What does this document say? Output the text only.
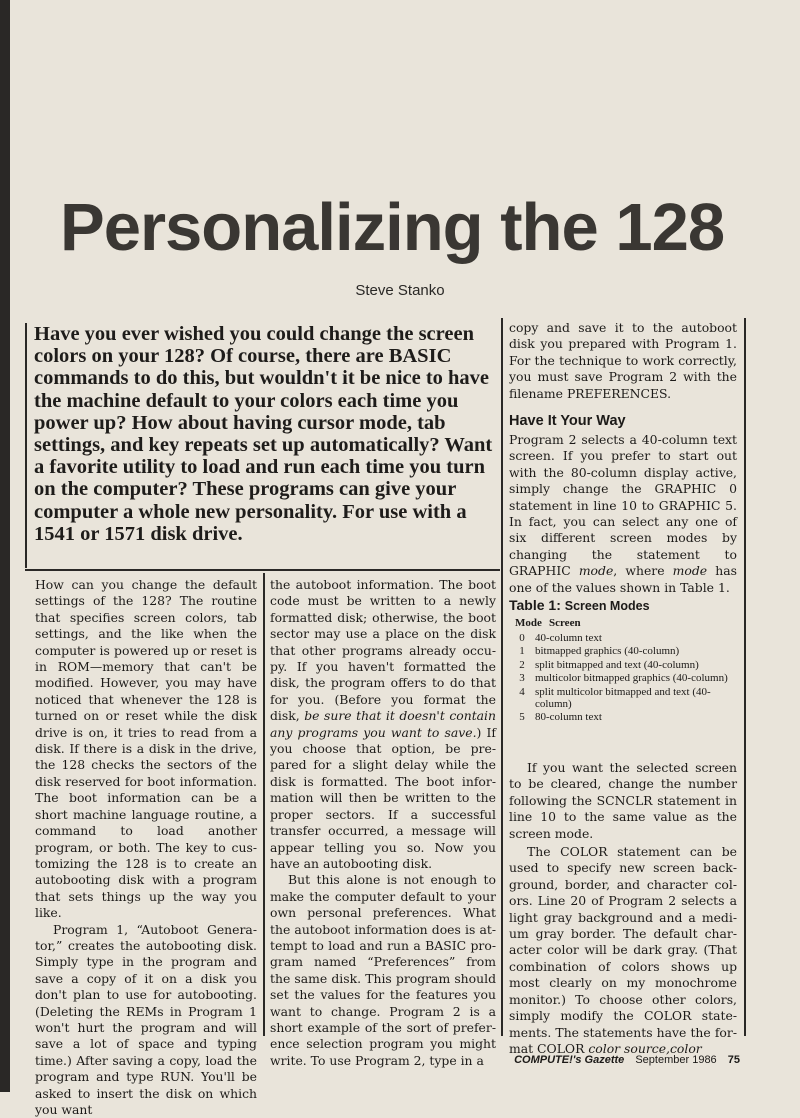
Personalizing the 128

Steve Stanko

Have you ever wished you could change the screen colors on your 128? Of course, there are BASIC commands to do this, but wouldn't it be nice to have the machine default to your colors each time you power up? How about having cursor mode, tab settings, and key repeats set up automatically? Want a favorite utility to load and run each time you turn on the computer? These programs can give your computer a whole new personality. For use with a 1541 or 1571 disk drive.

How can you change the default settings of the 128? The routine that specifies screen colors, tab settings, and the like when the computer is powered up or reset is in ROM—memory that can't be modified. However, you may have noticed that whenever the 128 is turned on or reset while the disk drive is on, it tries to read from a disk. If there is a disk in the drive, the 128 checks the sectors of the disk reserved for boot information. The boot information can be a short machine language routine, a command to load another program, or both. The key to customizing the 128 is to create an autobooting disk with a program that sets things up the way you like.

Program 1, “Autoboot Generator,” creates the autobooting disk. Simply type in the program and save a copy of it on a disk you don't plan to use for autobooting. (Deleting the REMs in Program 1 won't hurt the program and will save a lot of space and typing time.) After saving a copy, load the program and type RUN. You'll be asked to insert the disk on which you want

the autoboot information. The boot code must be written to a newly formatted disk; otherwise, the boot sector may use a place on the disk that other programs already occupy. If you haven't formatted the disk, the program offers to do that for you. (Before you format the disk, be sure that it doesn't contain any programs you want to save.) If you choose that option, be prepared for a slight delay while the disk is formatted. The boot information will then be written to the proper sectors. If a successful transfer occurred, a message will appear telling you so. Now you have an autobooting disk.

But this alone is not enough to make the computer default to your own personal preferences. What the autoboot information does is attempt to load and run a BASIC program named “Preferences” from the same disk. This program should set the values for the features you want to change. Program 2 is a short example of the sort of preference selection program you might write. To use Program 2, type in a

copy and save it to the autoboot disk you prepared with Program 1. For the technique to work correctly, you must save Program 2 with the filename PREFERENCES.

Have It Your Way

Program 2 selects a 40-column text screen. If you prefer to start out with the 80-column display active, simply change the GRAPHIC 0 statement in line 10 to GRAPHIC 5. In fact, you can select any one of six different screen modes by changing the statement to GRAPHIC mode, where mode has one of the values shown in Table 1.

Table 1: Screen Modes
Mode Screen
0 40-column text
1 bitmapped graphics (40-column)
2 split bitmapped and text (40-column)
3 multicolor bitmapped graphics (40-column)
4 split multicolor bitmapped and text (40-column)
5 80-column text

If you want the selected screen to be cleared, change the number following the SCNCLR statement in line 10 to the same value as the screen mode.

The COLOR statement can be used to specify new screen background, border, and character colors. Line 20 of Program 2 selects a light gray background and a medium gray border. The default character color will be dark gray. (That combination of colors shows up most clearly on my monochrome monitor.) To choose other colors, simply modify the COLOR statements. The statements have the format COLOR color source,color

COMPUTE!'s Gazette September 1986 75
